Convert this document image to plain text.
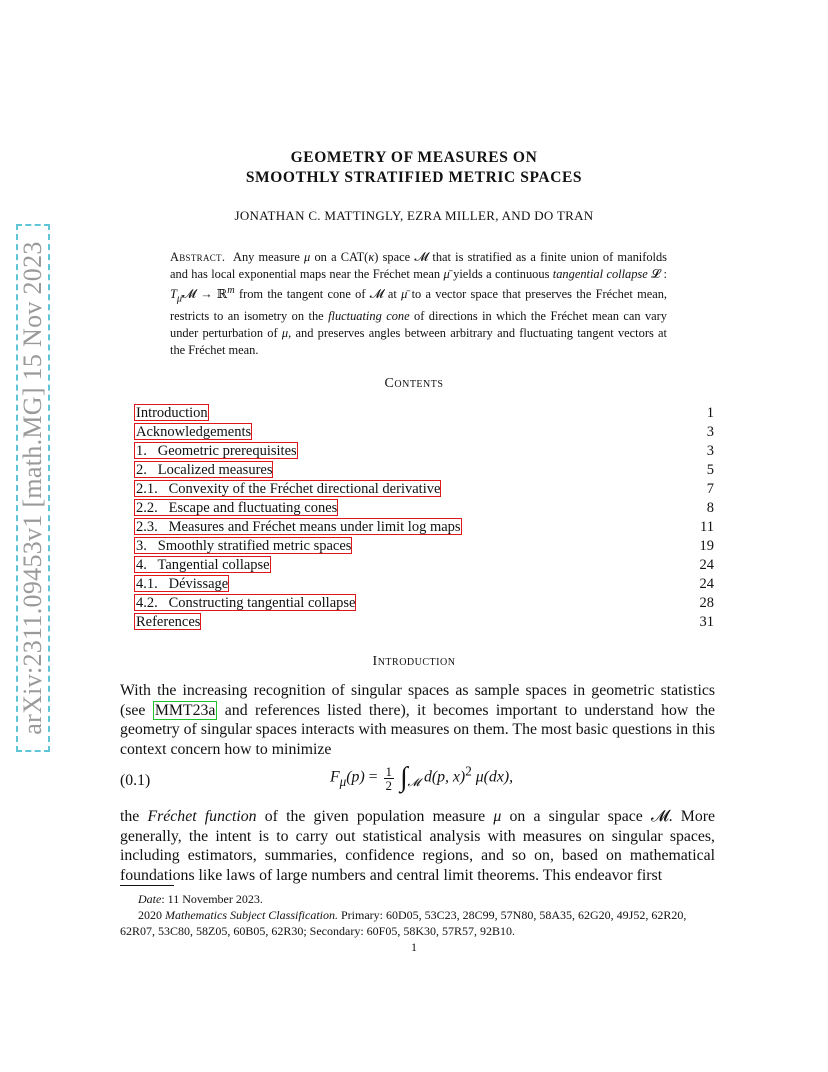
arXiv:2311.09453v1 [math.MG] 15 Nov 2023
GEOMETRY OF MEASURES ON
SMOOTHLY STRATIFIED METRIC SPACES
JONATHAN C. MATTINGLY, EZRA MILLER, AND DO TRAN
Abstract. Any measure μ on a CAT(κ) space 𝓜 that is stratified as a finite union of manifolds and has local exponential maps near the Fréchet mean μ̄ yields a continuous tangential collapse 𝓛 : $T_{\mū}𝓜$ → ℝ$^m$ from the tangent cone of 𝓜 at μ̄ to a vector space that preserves the Fréchet mean, restricts to an isometry on the fluctuating cone of directions in which the Fréchet mean can vary under perturbation of μ, and preserves angles between arbitrary and fluctuating tangent vectors at the Fréchet mean.
Contents
Introduction	1
Acknowledgements	3
1.   Geometric prerequisites	3
2.   Localized measures	5
2.1.   Convexity of the Fréchet directional derivative	7
2.2.   Escape and fluctuating cones	8
2.3.   Measures and Fréchet means under limit log maps	11
3.   Smoothly stratified metric spaces	19
4.   Tangential collapse	24
4.1.   Dévissage	24
4.2.   Constructing tangential collapse	28
References	31
Introduction
With the increasing recognition of singular spaces as sample spaces in geometric statistics (see MMT23a and references listed there), it becomes important to understand how the geometry of singular spaces interacts with measures on them. The most basic questions in this context concern how to minimize
(0.1)	$F_\mu(p) = \frac{1}{2} \int_𝓜$ d(p, x)$^2$ μ(dx),
the Fréchet function of the given population measure μ on a singular space 𝓜. More generally, the intent is to carry out statistical analysis with measures on singular spaces, including estimators, summaries, confidence regions, and so on, based on mathematical foundations like laws of large numbers and central limit theorems. This endeavor first
Date: 11 November 2023.
2020 Mathematics Subject Classification. Primary: 60D05, 53C23, 28C99, 57N80, 58A35, 62G20, 49J52, 62R20, 62R07, 53C80, 58Z05, 60B05, 62R30; Secondary: 60F05, 58K30, 57R57, 92B10.
1
